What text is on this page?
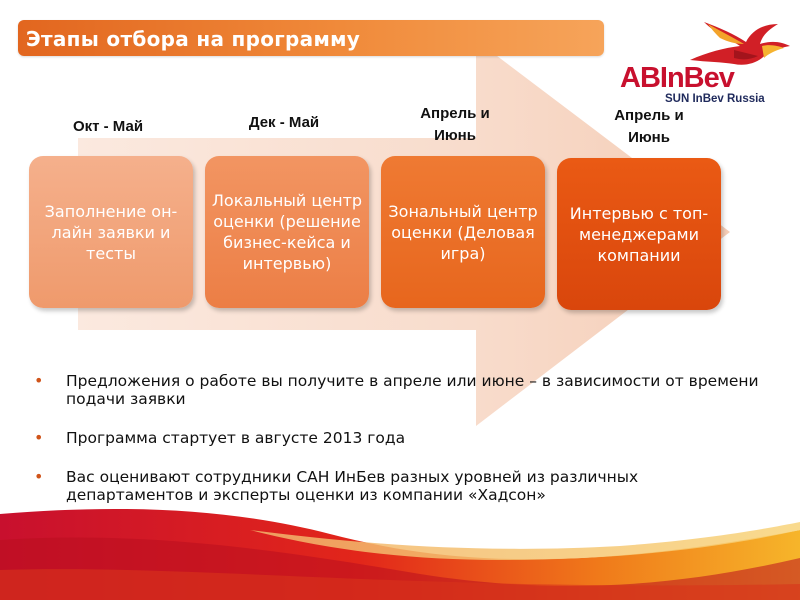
Этапы отбора на программу
ABInBev
SUN InBev Russia
Окт - Май	Дек - Май
Апрель и Июнь
Апрель и Июнь
Заполнение он-лайн заявки и тесты
Локальный центр оценки (решение бизнес-кейса и интервью)
Зональный центр оценки (Деловая игра)
Интервью с топ-менеджерами компании
• Предложения о работе вы получите в апреле или июне – в зависимости от времени подачи заявки
• Программа стартует в августе 2013 года
• Вас оценивают сотрудники САН ИнБев разных уровней из различных департаментов и эксперты оценки из компании «Хадсон»
